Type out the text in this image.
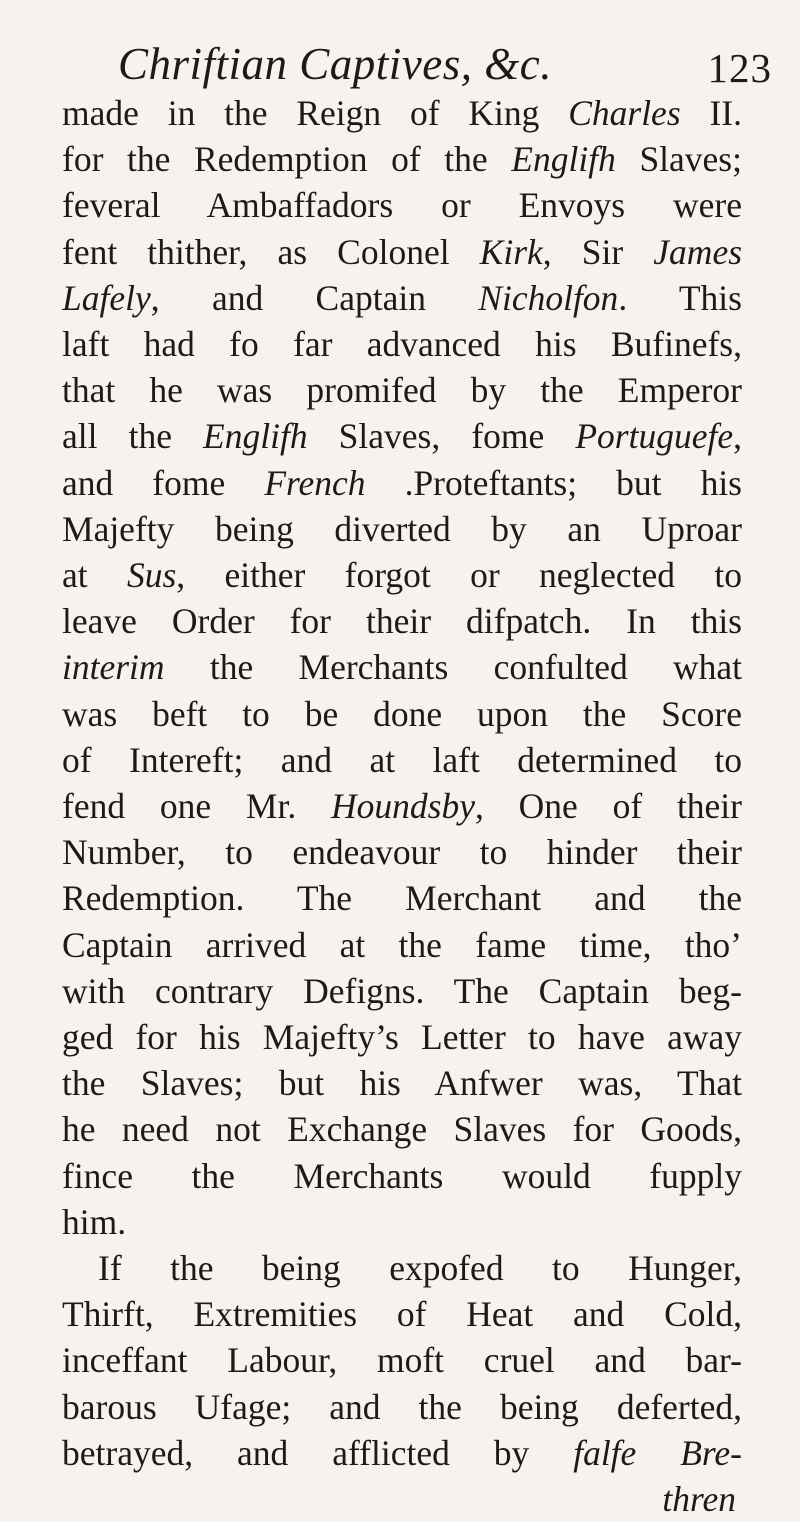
Chriftian Captives, &c.	123
made in the Reign of King Charles II.
for the Redemption of the Englifh Slaves;
feveral Ambaffadors or Envoys were
fent thither, as Colonel Kirk, Sir James
Lafely, and Captain Nicholfon. This
laft had fo far advanced his Bufinefs,
that he was promifed by the Emperor
all the Englifh Slaves, fome Portuguefe,
and fome French .Proteftants; but his
Majefty being diverted by an Uproar
at Sus, either forgot or neglected to
leave Order for their difpatch. In this
interim the Merchants confulted what
was beft to be done upon the Score
of Intereft; and at laft determined to
fend one Mr. Houndsby, One of their
Number, to endeavour to hinder their
Redemption. The Merchant and the
Captain arrived at the fame time, tho’
with contrary Defigns. The Captain beg-
ged for his Majefty’s Letter to have away
the Slaves; but his Anfwer was, That
he need not Exchange Slaves for Goods,
fince the Merchants would fupply
him.
If the being expofed to Hunger,
Thirft, Extremities of Heat and Cold,
inceffant Labour, moft cruel and bar-
barous Ufage; and the being deferted,
betrayed, and afflicted by falfe Bre-
thren
